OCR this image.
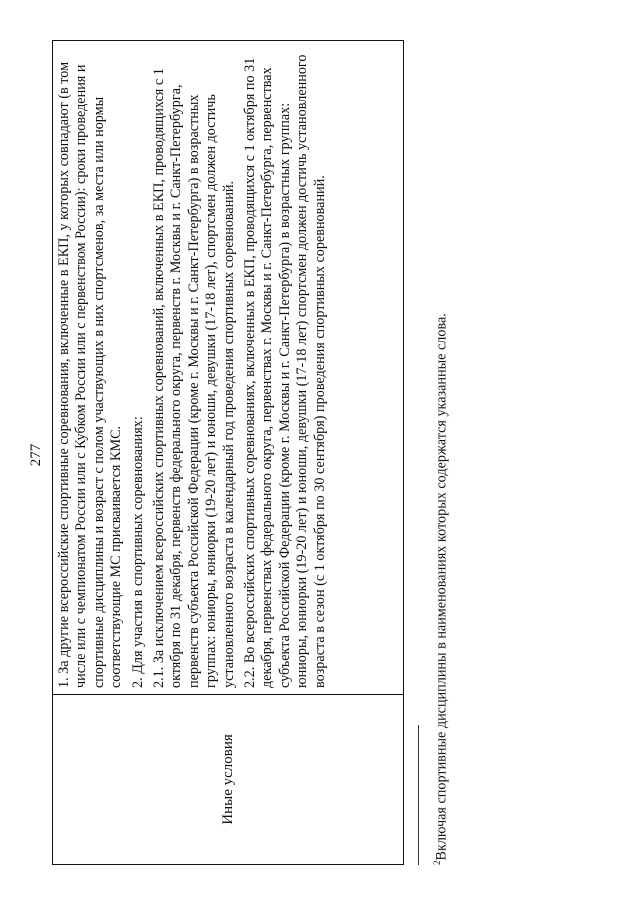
277
Иные условия

1. За другие всероссийские спортивные соревнования, включенные в ЕКП, у которых совпадают (в том числе или с чемпионатом России или с Кубком России или с первенством России): сроки проведения и спортивные дисциплины и возраст с полом участвующих в них спортсменов, за места или нормы соответствующие МС присваивается КМС. 2. Для участия в спортивных соревнованиях: 2.1. За исключением всероссийских спортивных соревнований, включенных в ЕКП, проводящихся с 1 октября по 31 декабря, первенств федерального округа, первенств г. Москвы и г. Санкт-Петербурга, первенств субъекта Российской Федерации (кроме г. Москвы и г. Санкт-Петербурга) в возрастных группах: юниоры, юниорки (19-20 лет) и юноши, девушки (17-18 лет), спортсмен должен достичь установленного возраста в календарный год проведения спортивных соревнований. 2.2. Во всероссийских спортивных соревнованиях, включенных в ЕКП, проводящихся с 1 октября по 31 декабря, первенствах федерального округа, первенствах г. Москвы и г. Санкт-Петербурга, первенствах субъекта Российской Федерации (кроме г. Москвы и г. Санкт-Петербурга) в возрастных группах: юниоры, юниорки (19-20 лет) и юноши, девушки (17-18 лет) спортсмен должен достичь установленного возраста в сезон (с 1 октября по 30 сентября) проведения спортивных соревнований.

$^2$Включая спортивные дисциплины в наименованиях которых содержатся указанные слова.
